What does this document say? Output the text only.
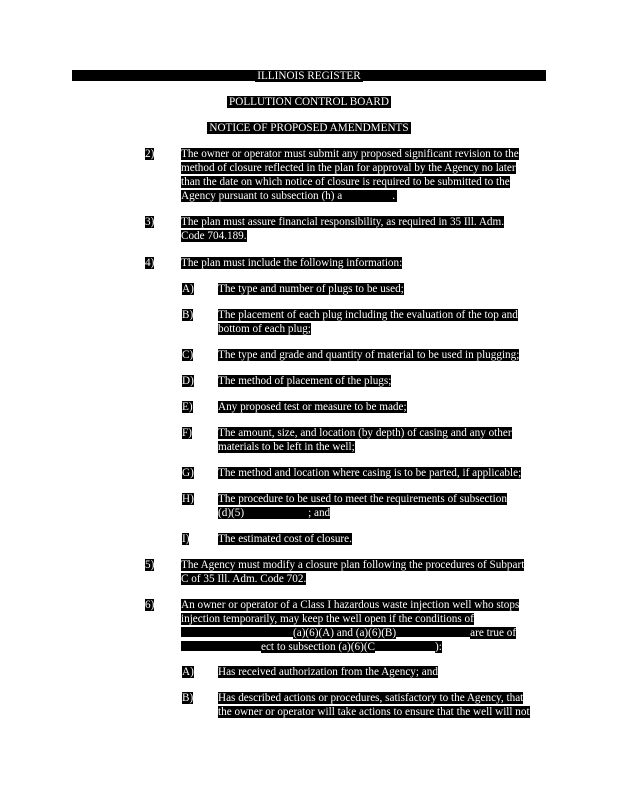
ILLINOIS REGISTER
POLLUTION CONTROL BOARD
NOTICE OF PROPOSED AMENDMENTS
2) The owner or operator must submit any proposed significant revision to the
method of closure reflected in the plan for approval by the Agency no later
than the date on which notice of closure is required to be submitted to the
Agency pursuant to subsection (h) a	.
3) The plan must assure financial responsibility, as required in 35 Ill. Adm.
Code 704.189.
4) The plan must include the following information:
A) The type and number of plugs to be used;
B) The placement of each plug including the evaluation of the top and
bottom of each plug;
C) The type and grade and quantity of material to be used in plugging;
D) The method of placement of the plugs;
E) Any proposed test or measure to be made;
F) The amount, size, and location (by depth) of casing and any other
materials to be left in the well;
G) The method and location where casing is to be parted, if applicable;
H) The procedure to be used to meet the requirements of subsection
(d)(5)	; and
I)	The estimated cost of closure.
5) The Agency must modify a closure plan following the procedures of Subpart
C of 35 Ill. Adm. Code 702.
6) An owner or operator of a Class I hazardous waste injection well who stops
injection temporarily, may keep the well open if the conditions of
(a)(6)(A) and (a)(6)(B)	are true of
ect to subsection (a)(6)(C	):
A) Has received authorization from the Agency; and
B) Has described actions or procedures, satisfactory to the Agency, that
the owner or operator will take actions to ensure that the well will not
